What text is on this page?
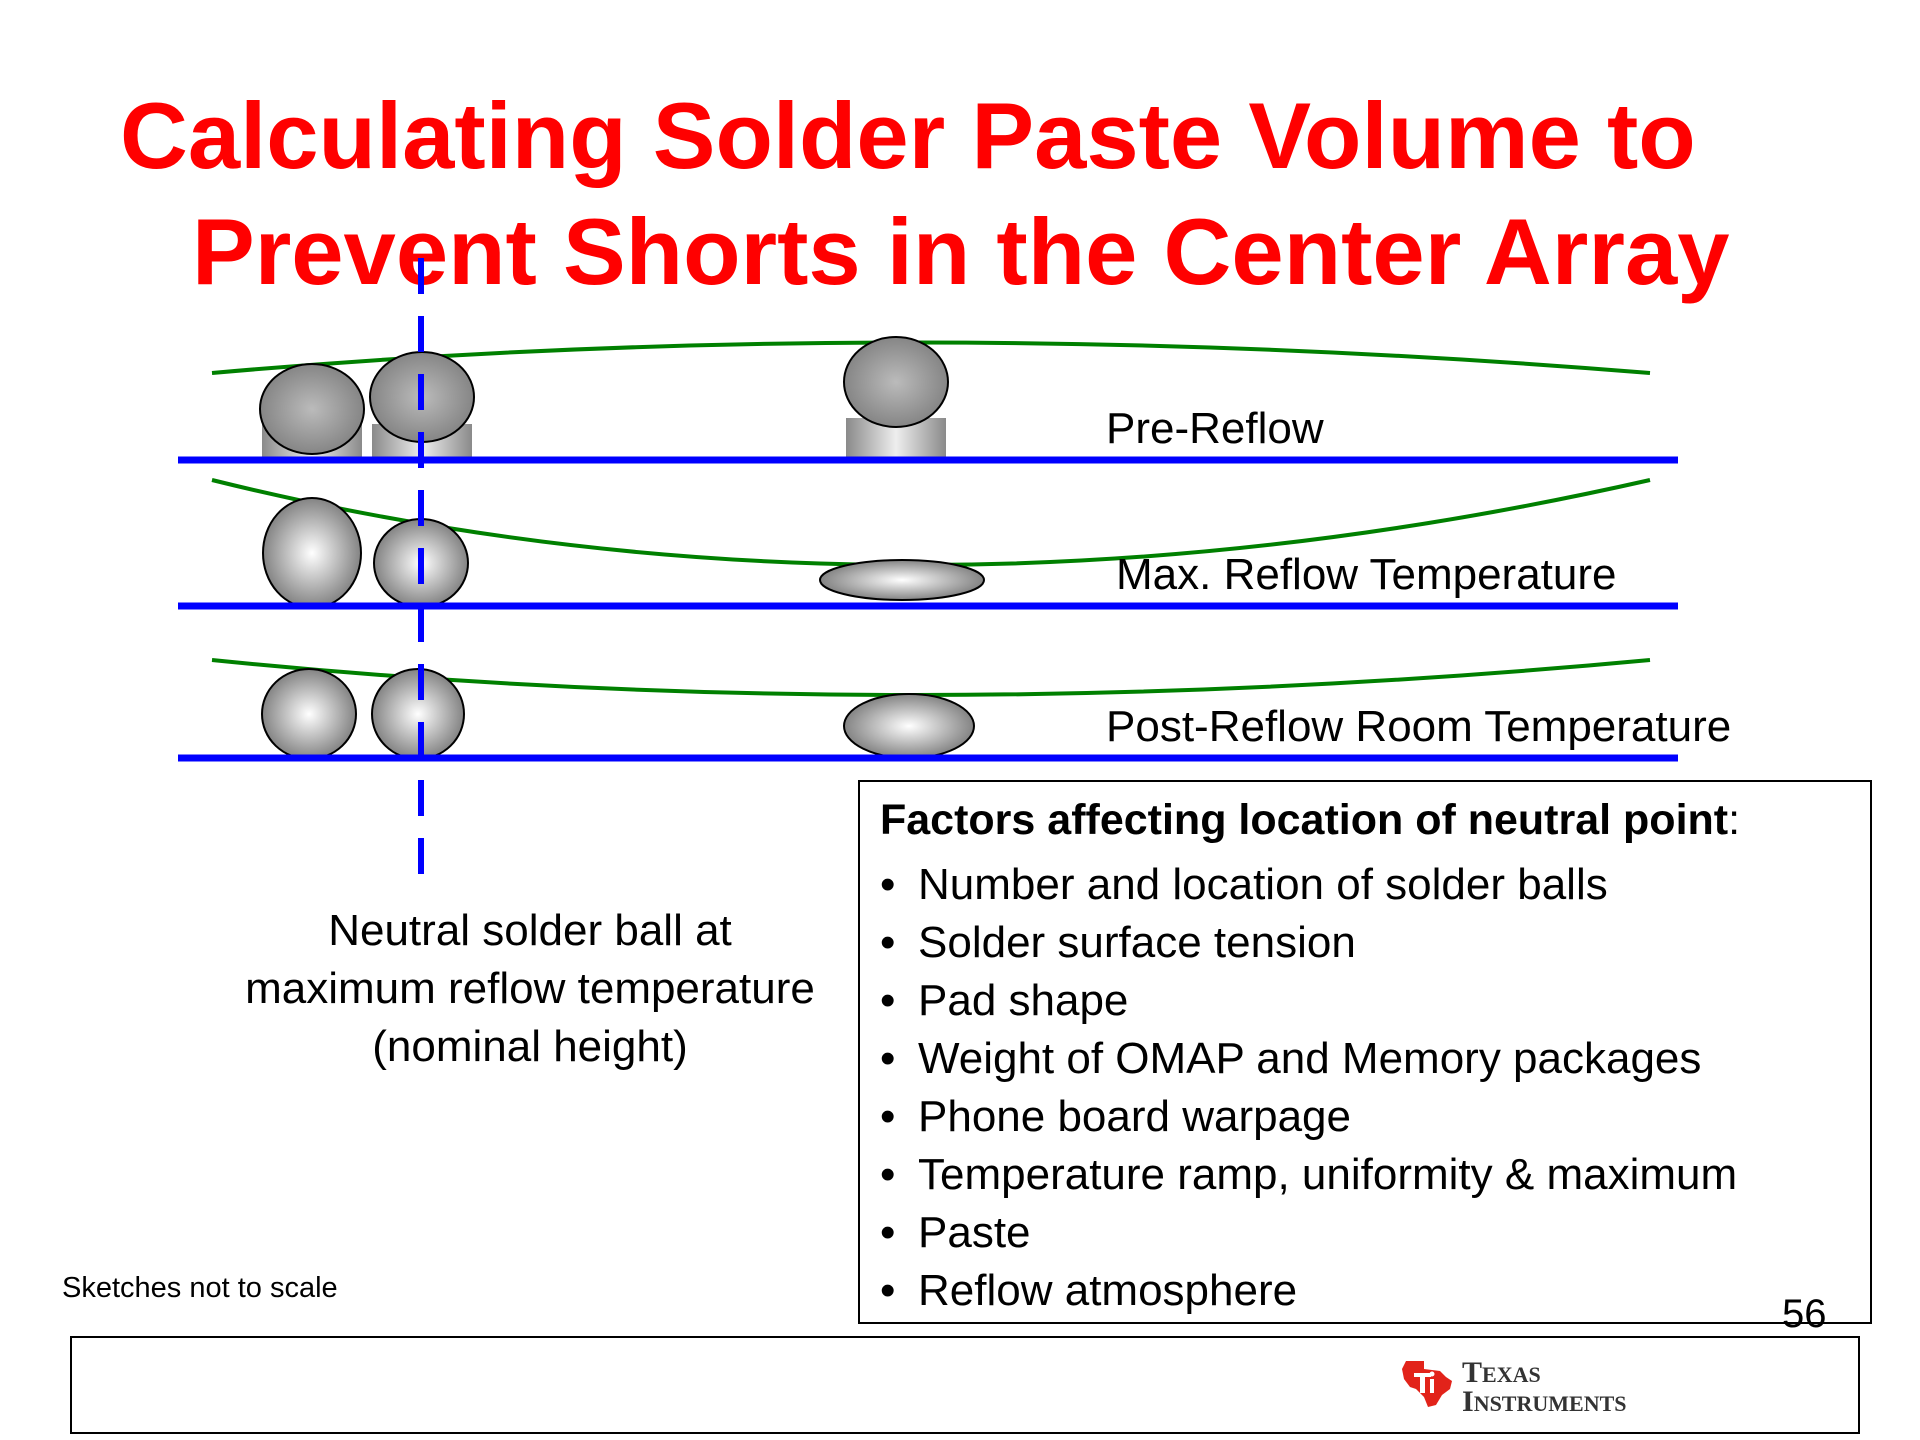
Calculating Solder Paste Volume to
Prevent Shorts in the Center Array
Pre-Reflow
Max. Reflow Temperature
Post-Reflow Room Temperature
Neutral solder ball at
maximum reflow temperature
(nominal height)
Factors affecting location of neutral point:
• Number and location of solder balls
• Solder surface tension
• Pad shape
• Weight of OMAP and Memory packages
• Phone board warpage
• Temperature ramp, uniformity & maximum
• Paste
• Reflow atmosphere
Sketches not to scale
56
TEXAS
INSTRUMENTS
